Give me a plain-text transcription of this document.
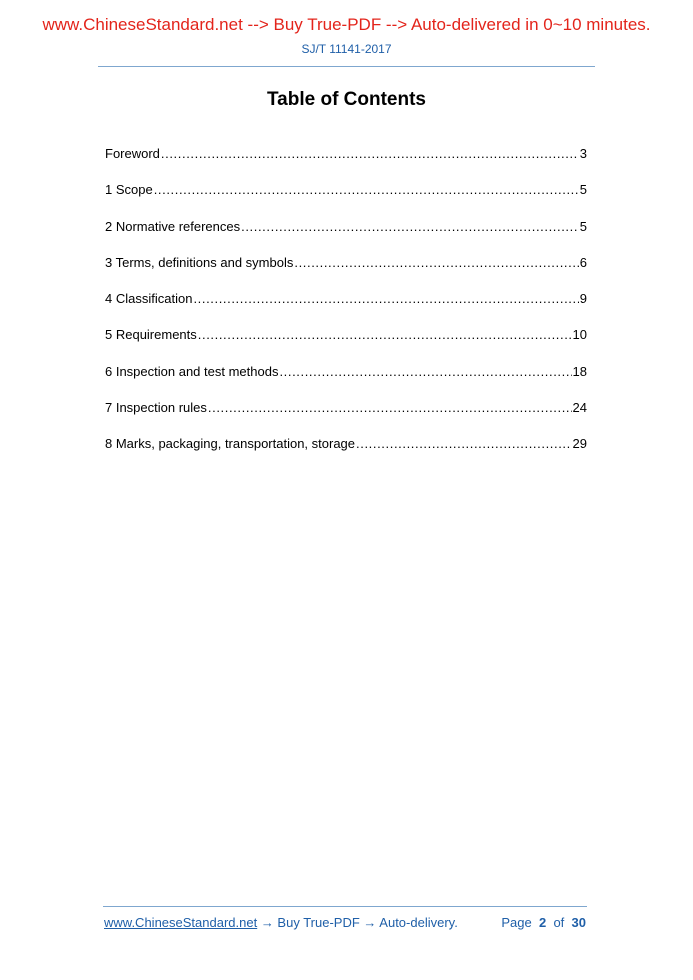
www.ChineseStandard.net --> Buy True-PDF --> Auto-delivered in 0~10 minutes.
SJ/T 11141-2017
Table of Contents
Foreword .....	3
1 Scope .....	5
2 Normative references .....	5
3 Terms, definitions and symbols .....	6
4 Classification .....	9
5 Requirements .....	10
6 Inspection and test methods .....	18
7 Inspection rules .....	24
8 Marks, packaging, transportation, storage .....	29
www.ChineseStandard.net → Buy True-PDF → Auto-delivery.	Page 2 of 30
